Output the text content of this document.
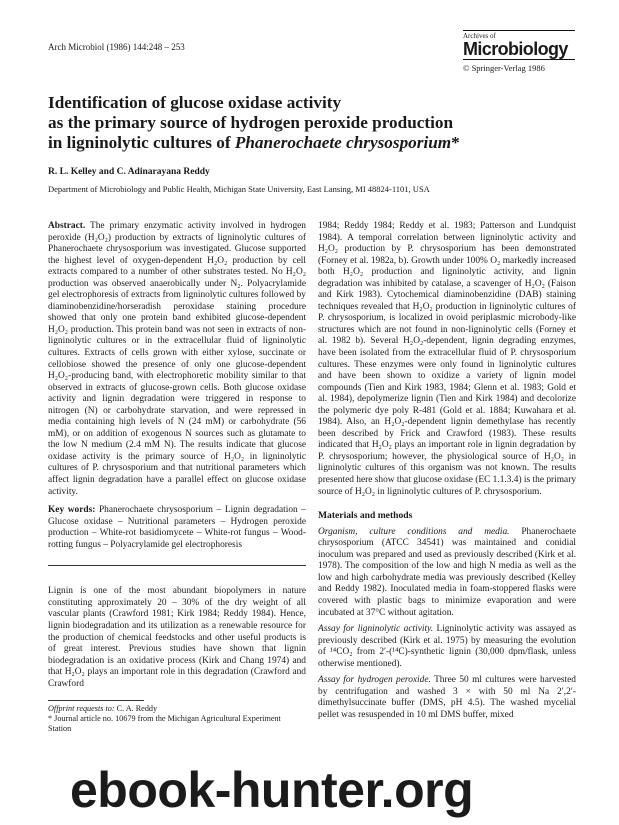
Arch Microbiol (1986) 144:248 – 253
Archives of
Microbiology
© Springer-Verlag 1986
Identification of glucose oxidase activity
as the primary source of hydrogen peroxide production
in ligninolytic cultures of Phanerochaete chrysosporium*
R. L. Kelley and C. Adinarayana Reddy
Department of Microbiology and Public Health, Michigan State University, East Lansing, MI 48824-1101, USA

Abstract. The primary enzymatic activity involved in hydrogen peroxide (H₂O₂) production by extracts of ligninolytic cultures of Phanerochaete chrysosporium was investigated. Glucose supported the highest level of oxygen-dependent H₂O₂ production by cell extracts compared to a number of other substrates tested. No H₂O₂ production was observed anaerobically under N₂. Polyacrylamide gel electrophoresis of extracts from ligninolytic cultures followed by diaminobenzidine/horseradish peroxidase staining procedure showed that only one protein band exhibited glucose-dependent H₂O₂ production. This protein band was not seen in extracts of non-ligninolytic cultures or in the extracellular fluid of ligninolytic cultures. Extracts of cells grown with either xylose, succinate or cellobiose showed the presence of only one glucose-dependent H₂O₂-producing band, with electrophoretic mobility similar to that observed in extracts of glucose-grown cells. Both glucose oxidase activity and lignin degradation were triggered in response to nitrogen (N) or carbohydrate starvation, and were repressed in media containing high levels of N (24 mM) or carbohydrate (56 mM), or on addition of exogenous N sources such as glutamate to the low N medium (2.4 mM N). The results indicate that glucose oxidase activity is the primary source of H₂O₂ in ligninolytic cultures of P. chrysosporium and that nutritional parameters which affect lignin degradation have a parallel effect on glucose oxidase activity.

Key words: Phanerochaete chrysosporium – Lignin degradation – Glucose oxidase – Nutritional parameters – Hydrogen peroxide production – White-rot basidiomycete – White-rot fungus – Wood-rotting fungus – Polyacrylamide gel electrophoresis

Lignin is one of the most abundant biopolymers in nature constituting approximately 20 – 30% of the dry weight of all vascular plants (Crawford 1981; Kirk 1984; Reddy 1984). Hence, lignin biodegradation and its utilization as a renewable resource for the production of chemical feedstocks and other useful products is of great interest. Previous studies have shown that lignin biodegradation is an oxidative process (Kirk and Chang 1974) and that H₂O₂ plays an important role in this degradation (Crawford and Crawford

Offprint requests to: C. A. Reddy
* Journal article no. 10679 from the Michigan Agricultural Experiment Station

1984; Reddy 1984; Reddy et al. 1983; Patterson and Lundquist 1984). A temporal correlation between ligninolytic activity and H₂O₂ production by P. chrysosporium has been demonstrated (Forney et al. 1982a, b). Growth under 100% O₂ markedly increased both H₂O₂ production and ligninolytic activity, and lignin degradation was inhibited by catalase, a scavenger of H₂O₂ (Faison and Kirk 1983). Cytochemical diaminobenzidine (DAB) staining techniques revealed that H₂O₂ production in ligninolytic cultures of P. chrysosporium, is localized in ovoid periplasmic microbody-like structures which are not found in non-ligninolytic cells (Forney et al. 1982 b). Several H₂O₂-dependent, lignin degrading enzymes, have been isolated from the extracellular fluid of P. chrysosporium cultures. These enzymes were only found in ligninolytic cultures and have been shown to oxidize a variety of lignin model compounds (Tien and Kirk 1983, 1984; Glenn et al. 1983; Gold et al. 1984), depolymerize lignin (Tien and Kirk 1984) and decolorize the polymeric dye poly R-481 (Gold et al. 1884; Kuwahara et al. 1984). Also, an H₂O₂-dependent lignin demethylase has recently been described by Frick and Crawford (1983). These results indicated that H₂O₂ plays an important role in lignin degradation by P. chrysosporium; however, the physiological source of H₂O₂ in ligninolytic cultures of this organism was not known. The results presented here show that glucose oxidase (EC 1.1.3.4) is the primary source of H₂O₂ in ligninolytic cultures of P. chrysosporium.

Materials and methods

Organism, culture conditions and media. Phanerochaete chrysosporium (ATCC 34541) was maintained and conidial inoculum was prepared and used as previously described (Kirk et al. 1978). The composition of the low and high N media as well as the low and high carbohydrate media was previously described (Kelley and Reddy 1982). Inoculated media in foam-stoppered flasks were covered with plastic bags to minimize evaporation and were incubated at 37°C without agitation.

Assay for ligninolytic activity. Ligninolytic activity was assayed as previously described (Kirk et al. 1975) by measuring the evolution of ¹⁴CO₂ from 2′-(¹⁴C)-synthetic lignin (30,000 dpm/flask, unless otherwise mentioned).

Assay for hydrogen peroxide. Three 50 ml cultures were harvested by centrifugation and washed 3 × with 50 ml Na 2′,2′-dimethylsuccinate buffer (DMS, pH 4.5). The washed mycelial pellet was resuspended in 10 ml DMS buffer, mixed

ebook-hunter.org
